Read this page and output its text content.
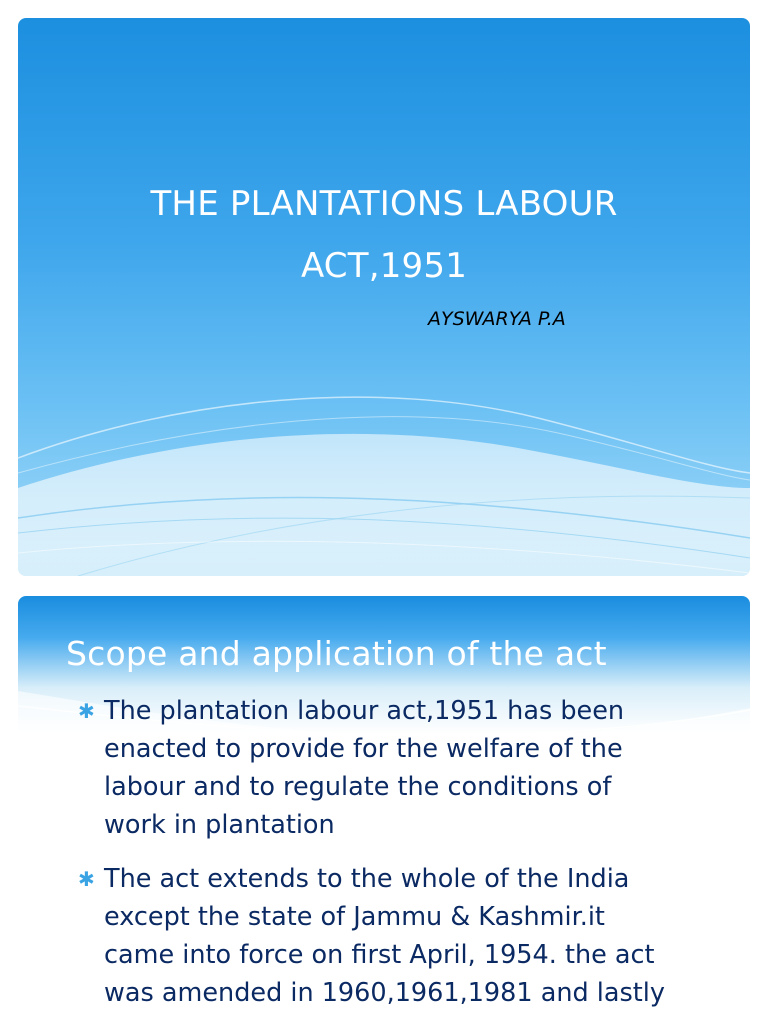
THE PLANTATIONS LABOUR
ACT,1951
AYSWARYA P.A
Scope and application of the act
✱ The plantation labour act,1951 has been
enacted to provide for the welfare of the
labour and to regulate the conditions of
work in plantation
✱ The act extends to the whole of the India
except the state of Jammu & Kashmir.it
came into force on first April, 1954. the act
was amended in 1960,1961,1981 and lastly
